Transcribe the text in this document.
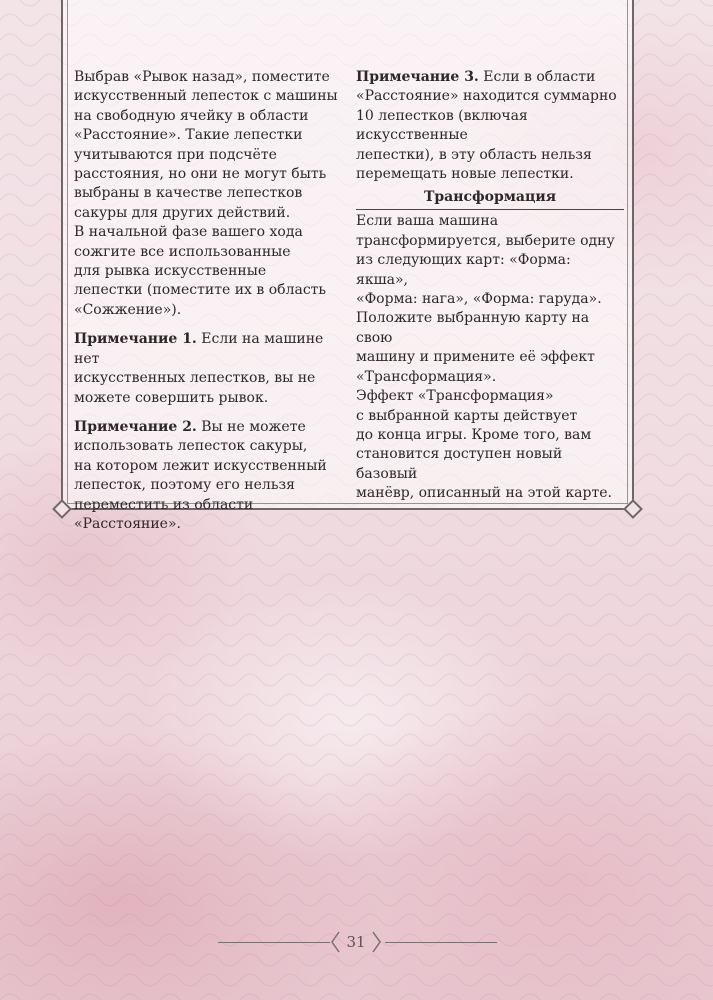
Выбрав «Рывок назад», поместите
искусственный лепесток с машины
на свободную ячейку в области
«Расстояние». Такие лепестки
учитываются при подсчёте
расстояния, но они не могут быть
выбраны в качестве лепестков
сакуры для других действий.

В начальной фазе вашего хода
сожгите все использованные
для рывка искусственные
лепестки (поместите их в область
«Сожжение»).

Примечание 1. Если на машине нет
искусственных лепестков, вы не
можете совершить рывок.

Примечание 2. Вы не можете
использовать лепесток сакуры,
на котором лежит искусственный
лепесток, поэтому его нельзя
переместить из области «Расстояние».

Примечание 3. Если в области
«Расстояние» находится суммарно
10 лепестков (включая искусственные
лепестки), в эту область нельзя
перемещать новые лепестки.

Трансформация

Если ваша машина
трансформируется, выберите одну
из следующих карт: «Форма: якша»,
«Форма: нага», «Форма: гаруда».
Положите выбранную карту на свою
машину и примените её эффект
«Трансформация».

Эффект «Трансформация»
с выбранной карты действует
до конца игры. Кроме того, вам
становится доступен новый базовый
манёвр, описанный на этой карте.

31
